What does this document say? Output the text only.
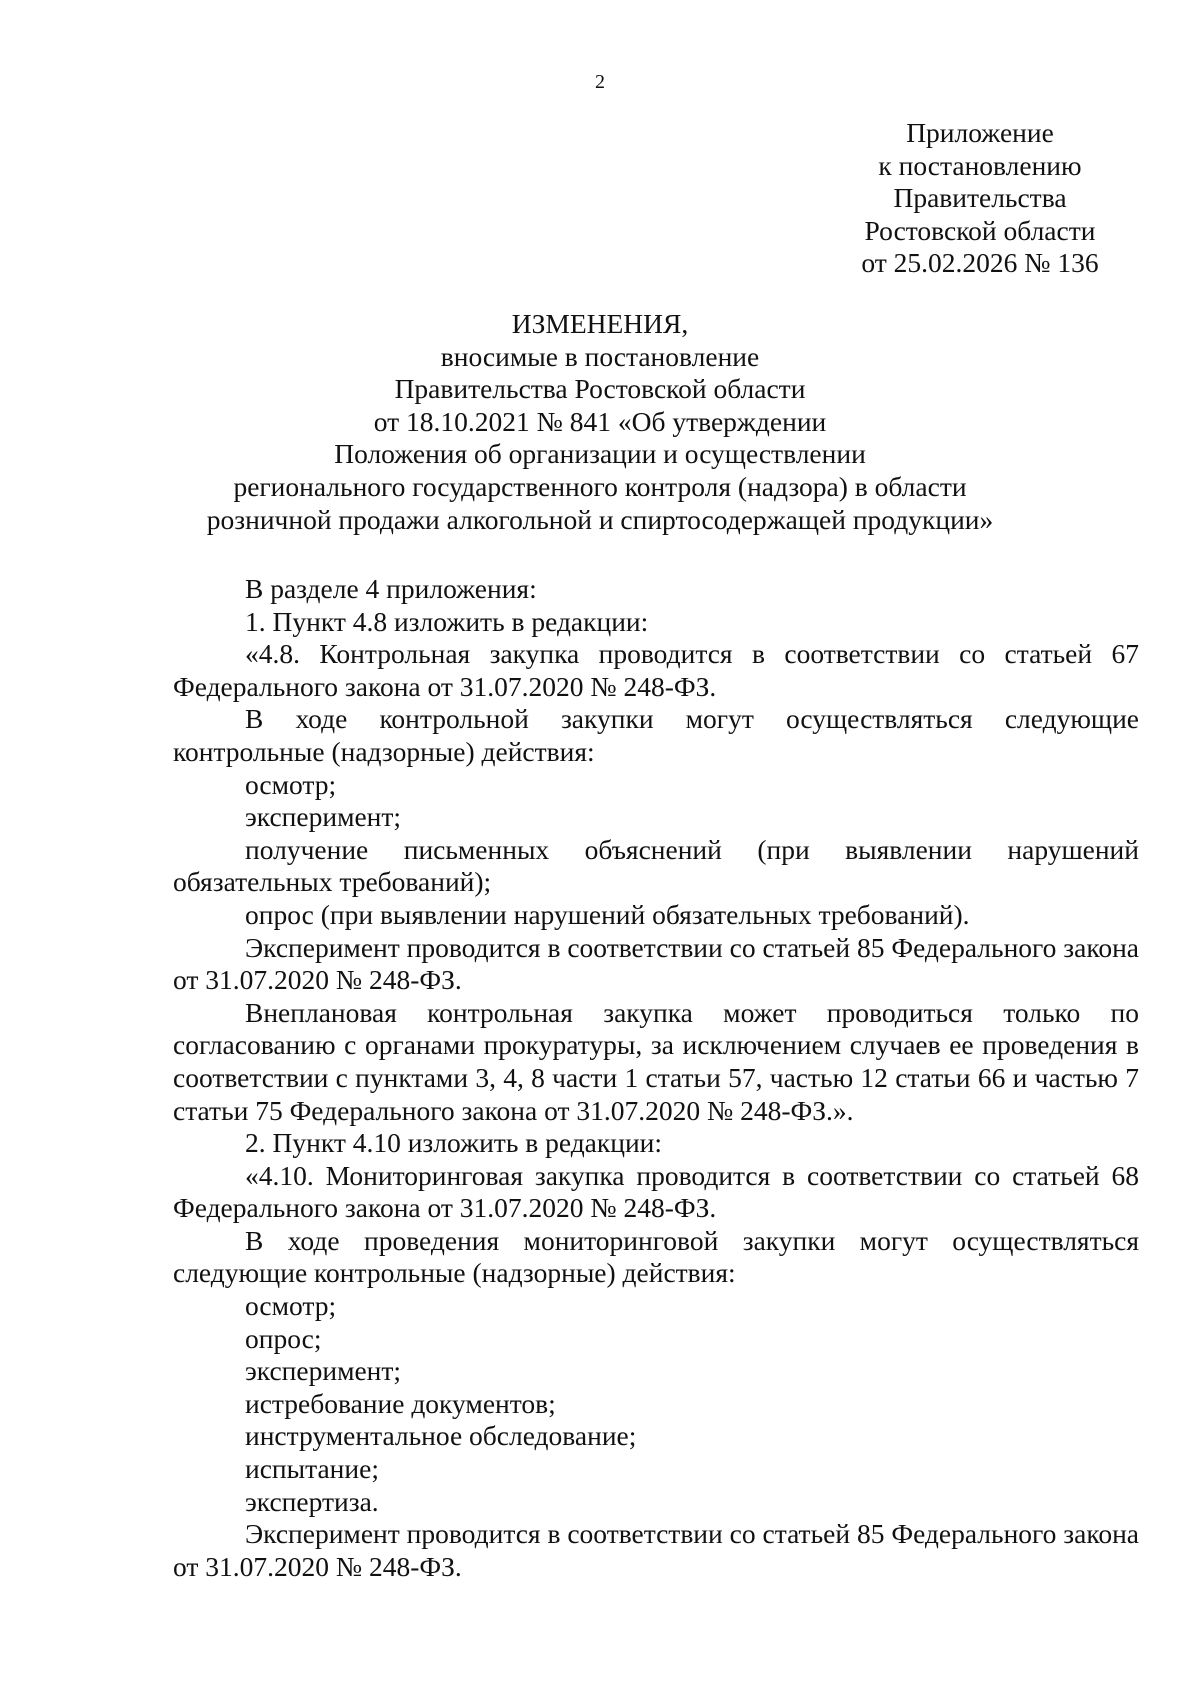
2
Приложение
к постановлению
Правительства
Ростовской области
от 25.02.2026 № 136
ИЗМЕНЕНИЯ,
вносимые в постановление
Правительства Ростовской области
от 18.10.2021 № 841 «Об утверждении
Положения об организации и осуществлении
регионального государственного контроля (надзора) в области
розничной продажи алкогольной и спиртосодержащей продукции»

В разделе 4 приложения:

1. Пункт 4.8 изложить в редакции:

«4.8. Контрольная закупка проводится в соответствии со статьей 67 Федерального закона от 31.07.2020 № 248-ФЗ.

В ходе контрольной закупки могут осуществляться следующие контрольные (надзорные) действия:

осмотр;

эксперимент;

получение письменных объяснений (при выявлении нарушений обязательных требований);

опрос (при выявлении нарушений обязательных требований).

Эксперимент проводится в соответствии со статьей 85 Федерального закона от 31.07.2020 № 248-ФЗ.

Внеплановая контрольная закупка может проводиться только по согласованию с органами прокуратуры, за исключением случаев ее проведения в соответствии с пунктами 3, 4, 8 части 1 статьи 57, частью 12 статьи 66 и частью 7 статьи 75 Федерального закона от 31.07.2020 № 248-ФЗ.».

2. Пункт 4.10 изложить в редакции:

«4.10. Мониторинговая закупка проводится в соответствии со статьей 68 Федерального закона от 31.07.2020 № 248-ФЗ.

В ходе проведения мониторинговой закупки могут осуществляться следующие контрольные (надзорные) действия:

осмотр;

опрос;

эксперимент;

истребование документов;

инструментальное обследование;

испытание;

экспертиза.

Эксперимент проводится в соответствии со статьей 85 Федерального закона от 31.07.2020 № 248-ФЗ.
